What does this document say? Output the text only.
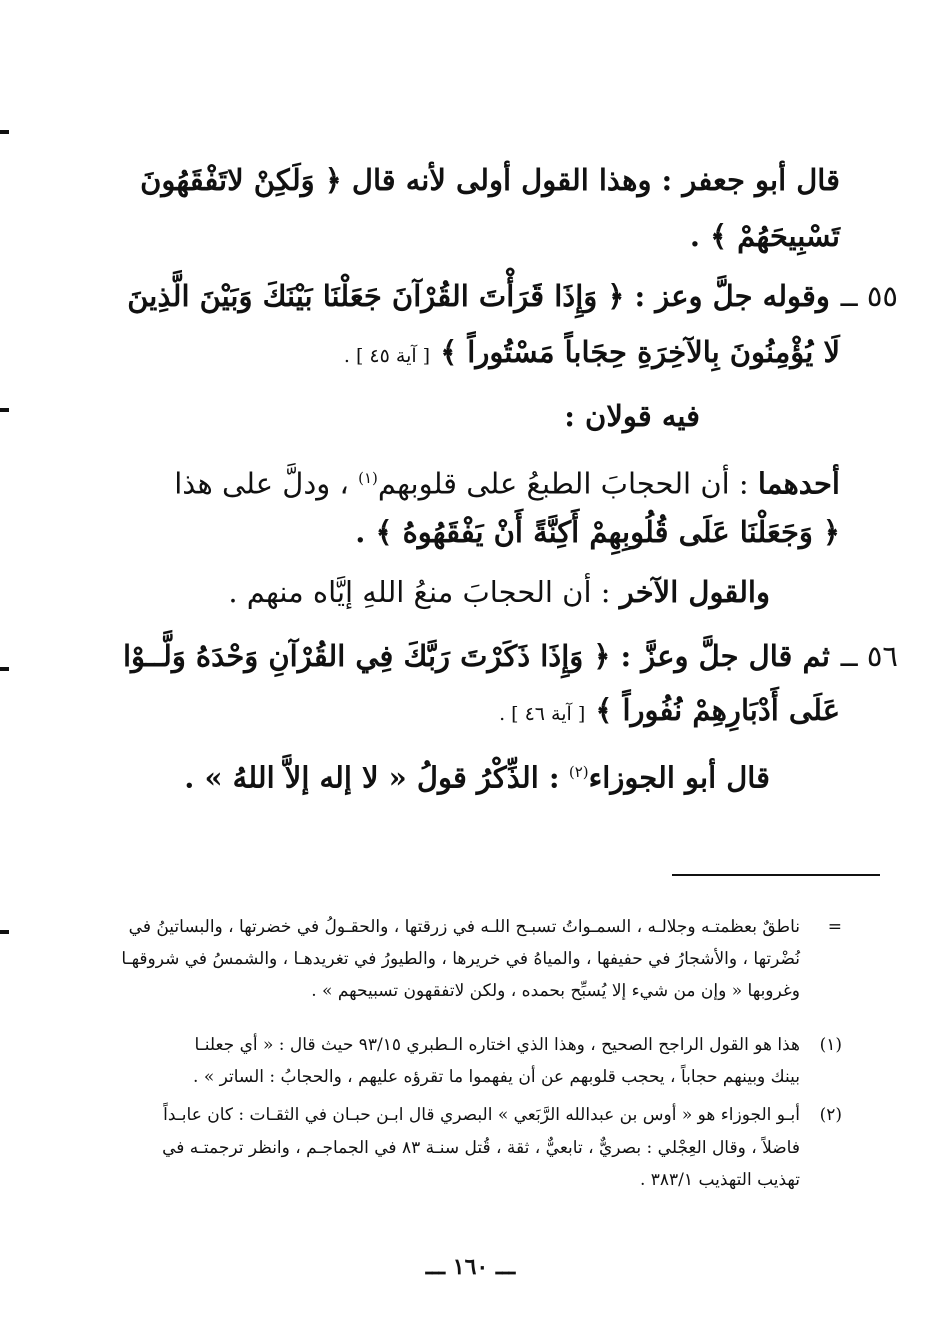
قال أبو جعفر : وهذا القول أولى لأنه قال ﴿ وَلَكِنْ لاتَفْقَهُونَ
تَسْبِيحَهُمْ ﴾ .
٥٥ ــ وقوله جلَّ وعز : ﴿ وَإِذَا قَرَأْتَ القُرْآنَ جَعَلْنَا بَيْنَكَ وَبَيْنَ الَّذِينَ
لَا يُؤْمِنُونَ بِالآخِرَةِ حِجَاباً مَسْتُوراً ﴾ [ آية ٤٥ ] .
فيه قولان :
أحدهما : أن الحجابَ الطبعُ على قلوبهم$^{(١)}$ ، ودلَّ على هذا
﴿ وَجَعَلْنَا عَلَى قُلُوبِهِمْ أَكِنَّةً أَنْ يَفْقَهُوهُ ﴾ .
والقول الآخر : أن الحجابَ منعُ اللهِ إيَّاه منهم .
٥٦ ــ ثم قال جلَّ وعزَّ : ﴿ وَإِذَا ذَكَرْتَ رَبَّكَ فِي القُرْآنِ وَحْدَهُ وَلَّــوْا
عَلَى أَدْبَارِهِمْ نُفُوراً ﴾ [ آية ٤٦ ] .
قال أبو الجوزاء$^{(٢)}$ : الذِّكْرُ قولُ « لا إله إلاَّ اللهُ » .
=
ناطقٌ بعظمتـه وجلالـه ، السمـواتُ تسبـح اللـه في زرقتها ، والحقـولُ في خضرتها ، والبساتينُ في
نُضْرتها ، والأشجارُ في حفيفها ، والمياهُ في خريرها ، والطيورُ في تغريدهـا ، والشمسُ في شروقهـا
وغروبها « وإن من شيء إلا يُسبِّح بحمده ، ولكن لاتفقهون تسبيحهم » .
(١)
هذا هو القول الراجح الصحيح ، وهذا الذي اختاره الـطبري ٩٣/١٥ حيث قال : « أي جعلنـا
بينك وبينهم حجاباً ، يحجب قلوبهم عن أن يفهموا ما تقرؤه عليهم ، والحجابُ : الساتر » .
(٢)
أبـو الجوزاء هو « أوس بن عبدالله الرَّبَعي » البصري قال ابـن حبـان في الثقـات : كان عابـداً
فاضلاً ، وقال العِجْلي : بصريٌّ ، تابعيٌّ ، ثقة ، قُتل سنـة ٨٣ في الجماجـم ، وانظر ترجمتـه في
تهذيب التهذيب ٣٨٣/١ .
ـــ ١٦٠ ـــ
